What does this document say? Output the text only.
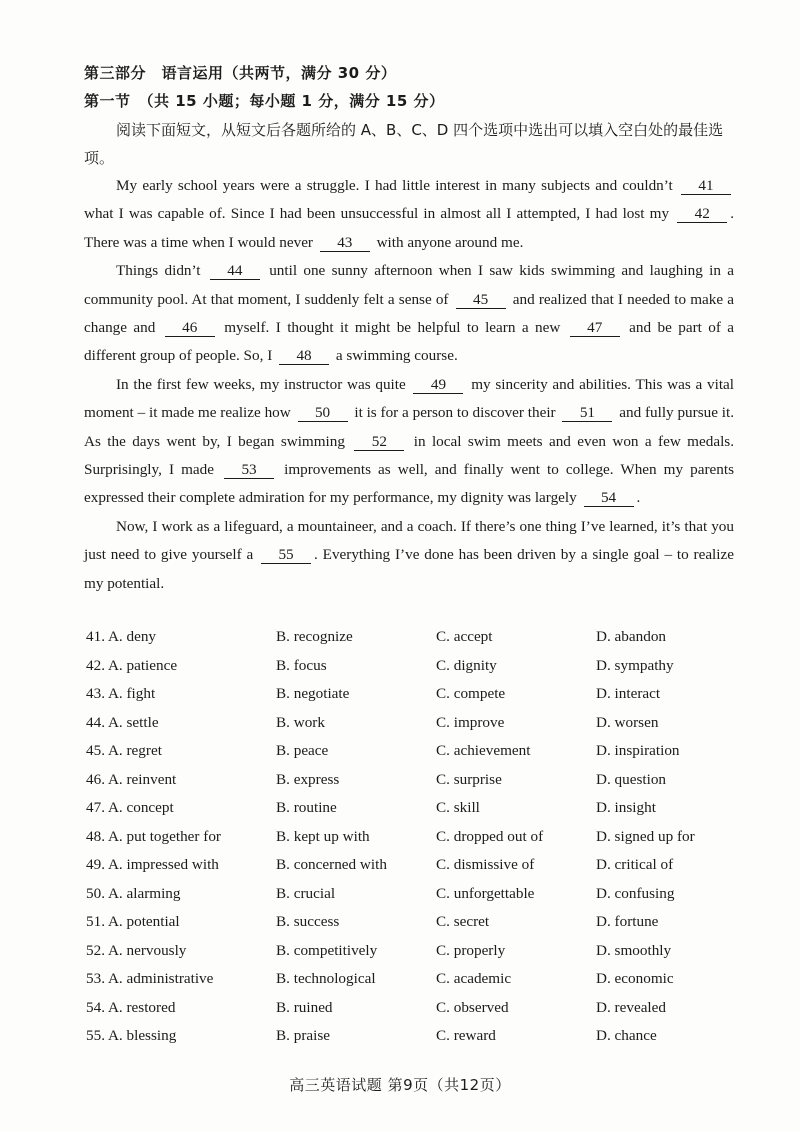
第三部分　语言运用（共两节，满分 30 分）
第一节　（共 15 小题；每小题 1 分，满分 15 分）
阅读下面短文，从短文后各题所给的 A、B、C、D 四个选项中选出可以填入空白处的最佳选项。

My early school years were a struggle. I had little interest in many subjects and couldn’t 41 what I was capable of. Since I had been unsuccessful in almost all I attempted, I had lost my 42 . There was a time when I would never 43 with anyone around me.

Things didn’t 44 until one sunny afternoon when I saw kids swimming and laughing in a community pool. At that moment, I suddenly felt a sense of 45 and realized that I needed to make a change and 46 myself. I thought it might be helpful to learn a new 47 and be part of a different group of people. So, I 48 a swimming course.

In the first few weeks, my instructor was quite 49 my sincerity and abilities. This was a vital moment – it made me realize how 50 it is for a person to discover their 51 and fully pursue it. As the days went by, I began swimming 52 in local swim meets and even won a few medals. Surprisingly, I made 53 improvements as well, and finally went to college. When my parents expressed their complete admiration for my performance, my dignity was largely 54 .

Now, I work as a lifeguard, a mountaineer, and a coach. If there’s one thing I’ve learned, it’s that you just need to give yourself a 55 . Everything I’ve done has been driven by a single goal – to realize my potential.

41. A. deny	B. recognize	C. accept	D. abandon
42. A. patience	B. focus	C. dignity	D. sympathy
43. A. fight	B. negotiate	C. compete	D. interact
44. A. settle	B. work	C. improve	D. worsen
45. A. regret	B. peace	C. achievement	D. inspiration
46. A. reinvent	B. express	C. surprise	D. question
47. A. concept	B. routine	C. skill	D. insight
48. A. put together for	B. kept up with	C. dropped out of	D. signed up for
49. A. impressed with	B. concerned with	C. dismissive of	D. critical of
50. A. alarming	B. crucial	C. unforgettable	D. confusing
51. A. potential	B. success	C. secret	D. fortune
52. A. nervously	B. competitively	C. properly	D. smoothly
53. A. administrative	B. technological	C. academic	D. economic
54. A. restored	B. ruined	C. observed	D. revealed
55. A. blessing	B. praise	C. reward	D. chance
高三英语试题 第9页（共12页）
